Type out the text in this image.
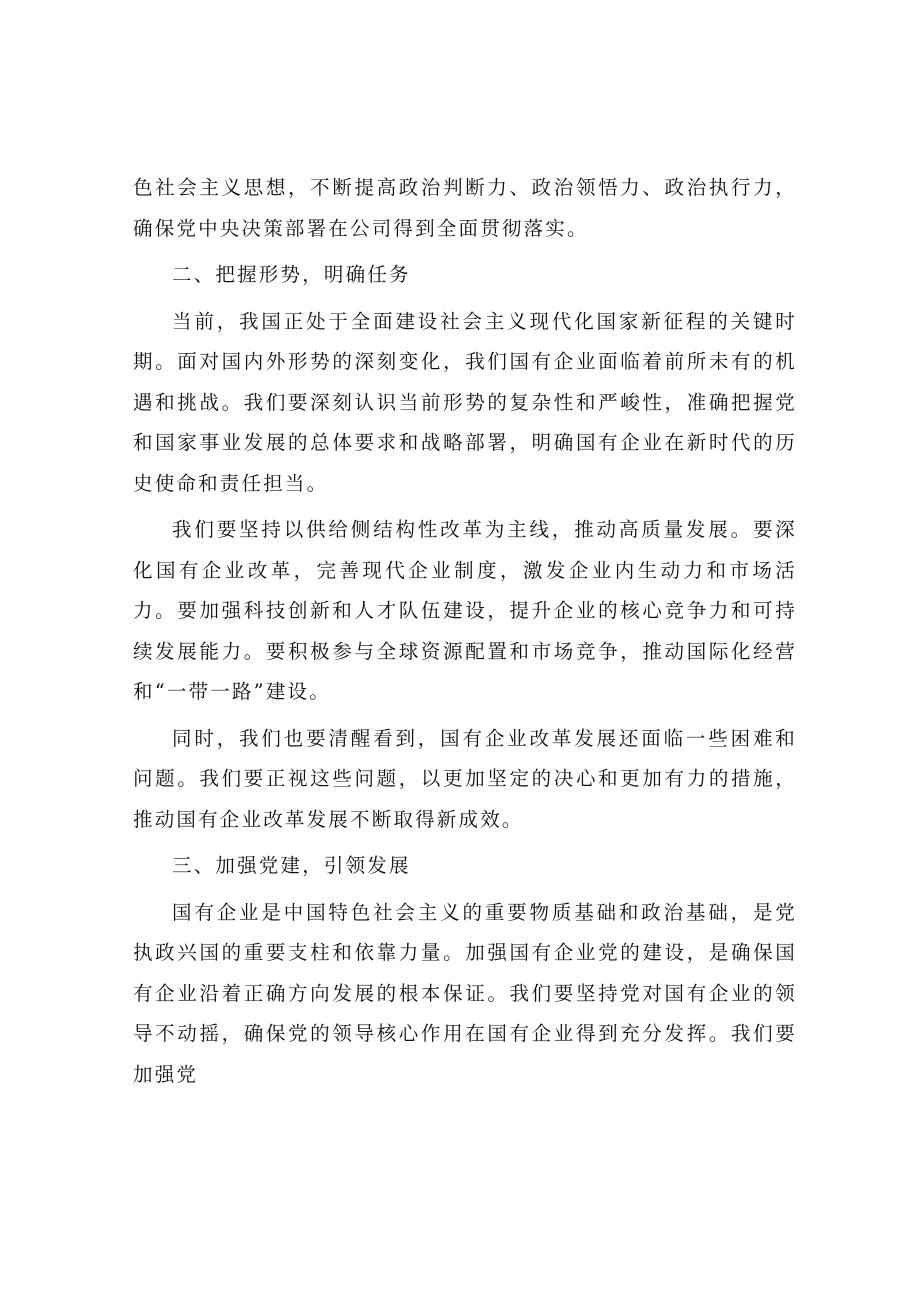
色社会主义思想，不断提高政治判断力、政治领悟力、政治执行力，确保党中央决策部署在公司得到全面贯彻落实。

二、把握形势，明确任务

当前，我国正处于全面建设社会主义现代化国家新征程的关键时期。面对国内外形势的深刻变化，我们国有企业面临着前所未有的机遇和挑战。我们要深刻认识当前形势的复杂性和严峻性，准确把握党和国家事业发展的总体要求和战略部署，明确国有企业在新时代的历史使命和责任担当。

我们要坚持以供给侧结构性改革为主线，推动高质量发展。要深化国有企业改革，完善现代企业制度，激发企业内生动力和市场活力。要加强科技创新和人才队伍建设，提升企业的核心竞争力和可持续发展能力。要积极参与全球资源配置和市场竞争，推动国际化经营和“一带一路”建设。

同时，我们也要清醒看到，国有企业改革发展还面临一些困难和问题。我们要正视这些问题，以更加坚定的决心和更加有力的措施，推动国有企业改革发展不断取得新成效。

三、加强党建，引领发展

国有企业是中国特色社会主义的重要物质基础和政治基础，是党执政兴国的重要支柱和依靠力量。加强国有企业党的建设，是确保国有企业沿着正确方向发展的根本保证。我们要坚持党对国有企业的领导不动摇，确保党的领导核心作用在国有企业得到充分发挥。我们要加强党
